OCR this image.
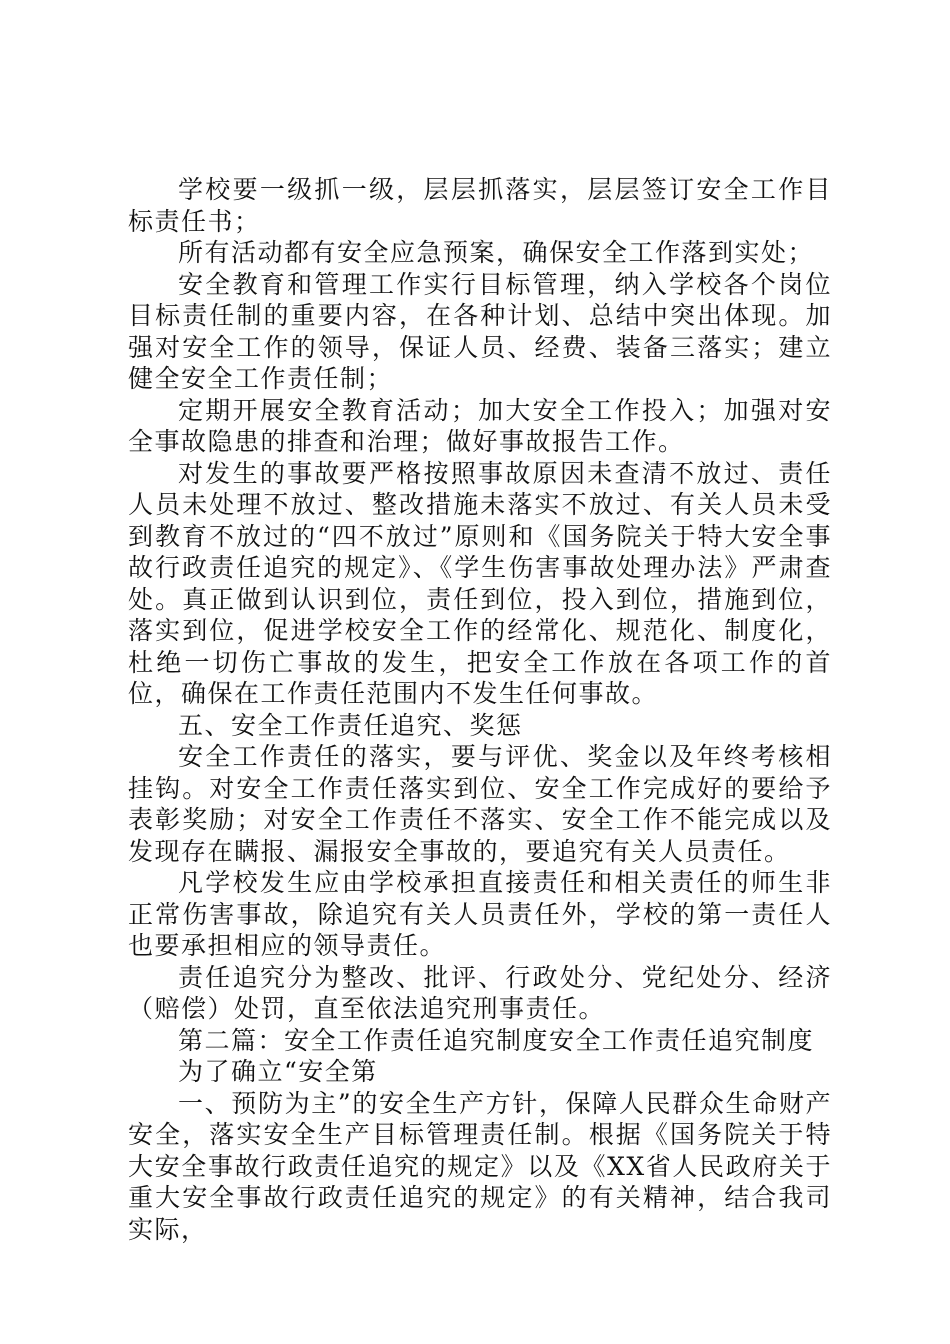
学校要一级抓一级，层层抓落实，层层签订安全工作目标责任书；

所有活动都有安全应急预案，确保安全工作落到实处；

安全教育和管理工作实行目标管理，纳入学校各个岗位目标责任制的重要内容，在各种计划、总结中突出体现。加强对安全工作的领导，保证人员、经费、装备三落实；建立健全安全工作责任制；

定期开展安全教育活动；加大安全工作投入；加强对安全事故隐患的排查和治理；做好事故报告工作。

对发生的事故要严格按照事故原因未查清不放过、责任人员未处理不放过、整改措施未落实不放过、有关人员未受到教育不放过的“四不放过”原则和《国务院关于特大安全事故行政责任追究的规定》、《学生伤害事故处理办法》严肃查处。真正做到认识到位，责任到位，投入到位，措施到位，落实到位，促进学校安全工作的经常化、规范化、制度化，杜绝一切伤亡事故的发生，把安全工作放在各项工作的首位，确保在工作责任范围内不发生任何事故。

五、安全工作责任追究、奖惩

安全工作责任的落实，要与评优、奖金以及年终考核相挂钩。对安全工作责任落实到位、安全工作完成好的要给予表彰奖励；对安全工作责任不落实、安全工作不能完成以及发现存在瞒报、漏报安全事故的，要追究有关人员责任。

凡学校发生应由学校承担直接责任和相关责任的师生非正常伤害事故，除追究有关人员责任外，学校的第一责任人也要承担相应的领导责任。

责任追究分为整改、批评、行政处分、党纪处分、经济（赔偿）处罚，直至依法追究刑事责任。

第二篇：安全工作责任追究制度安全工作责任追究制度

为了确立“安全第

一、预防为主”的安全生产方针，保障人民群众生命财产安全，落实安全生产目标管理责任制。根据《国务院关于特大安全事故行政责任追究的规定》以及《XX省人民政府关于重大安全事故行政责任追究的规定》的有关精神，结合我司实际，
